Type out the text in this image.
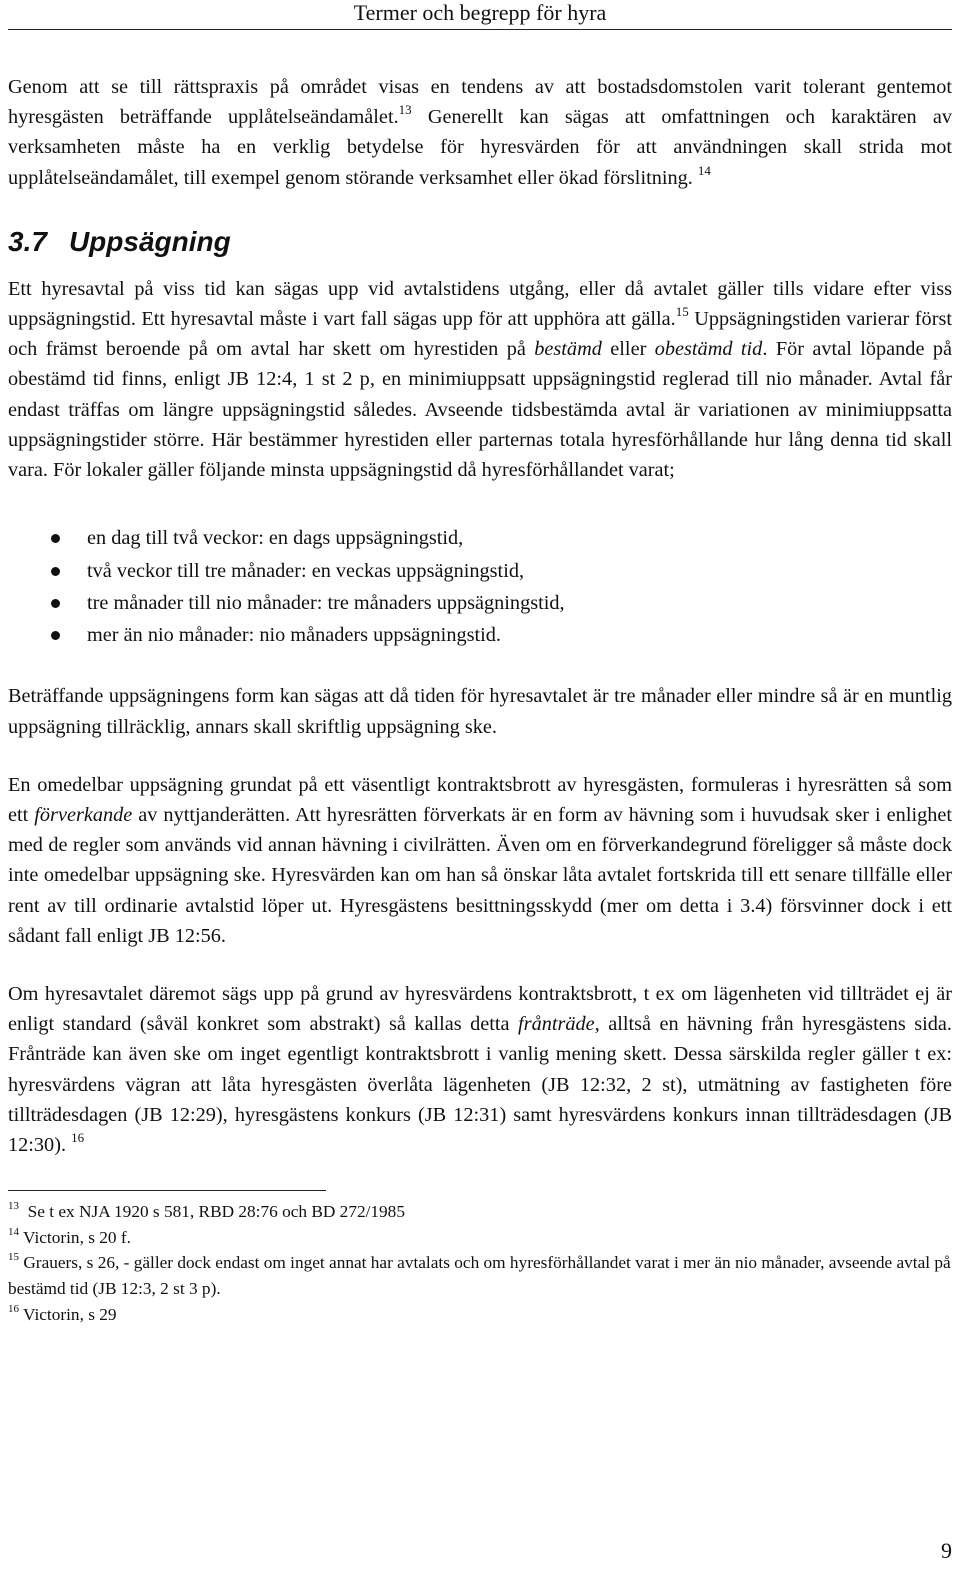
Termer och begrepp för hyra

Genom att se till rättspraxis på området visas en tendens av att bostadsdomstolen varit tolerant gentemot hyresgästen beträffande upplåtelseändamålet.$^{13}$ Generellt kan sägas att omfattningen och karaktären av verksamheten måste ha en verklig betydelse för hyresvärden för att användningen skall strida mot upplåtelseändamålet, till exempel genom störande verksamhet eller ökad förslitning. $^{14}$

3.7 Uppsägning

Ett hyresavtal på viss tid kan sägas upp vid avtalstidens utgång, eller då avtalet gäller tills vidare efter viss uppsägningstid. Ett hyresavtal måste i vart fall sägas upp för att upphöra att gälla.$^{15}$ Uppsägningstiden varierar först och främst beroende på om avtal har skett om hyrestiden på bestämd eller obestämd tid. För avtal löpande på obestämd tid finns, enligt JB 12:4, 1 st 2 p, en minimiuppsatt uppsägningstid reglerad till nio månader. Avtal får endast träffas om längre uppsägningstid således. Avseende tidsbestämda avtal är variationen av minimiuppsatta uppsägningstider större. Här bestämmer hyrestiden eller parternas totala hyresförhållande hur lång denna tid skall vara. För lokaler gäller följande minsta uppsägningstid då hyresförhållandet varat;

en dag till två veckor: en dags uppsägningstid,
två veckor till tre månader: en veckas uppsägningstid,
tre månader till nio månader: tre månaders uppsägningstid,
mer än nio månader: nio månaders uppsägningstid.

Beträffande uppsägningens form kan sägas att då tiden för hyresavtalet är tre månader eller mindre så är en muntlig uppsägning tillräcklig, annars skall skriftlig uppsägning ske.

En omedelbar uppsägning grundat på ett väsentligt kontraktsbrott av hyresgästen, formuleras i hyresrätten så som ett förverkande av nyttjanderätten. Att hyresrätten förverkats är en form av hävning som i huvudsak sker i enlighet med de regler som används vid annan hävning i civilrätten. Även om en förverkandegrund föreligger så måste dock inte omedelbar uppsägning ske. Hyresvärden kan om han så önskar låta avtalet fortskrida till ett senare tillfälle eller rent av till ordinarie avtalstid löper ut. Hyresgästens besittningsskydd (mer om detta i 3.4) försvinner dock i ett sådant fall enligt JB 12:56.

Om hyresavtalet däremot sägs upp på grund av hyresvärdens kontraktsbrott, t ex om lägenheten vid tillträdet ej är enligt standard (såväl konkret som abstrakt) så kallas detta frånträde, alltså en hävning från hyresgästens sida. Frånträde kan även ske om inget egentligt kontraktsbrott i vanlig mening skett. Dessa särskilda regler gäller t ex: hyresvärdens vägran att låta hyresgästen överlåta lägenheten (JB 12:32, 2 st), utmätning av fastigheten före tillträdesdagen (JB 12:29), hyresgästens konkurs (JB 12:31) samt hyresvärdens konkurs innan tillträdesdagen (JB 12:30). $^{16}$

$^{13}$ Se t ex NJA 1920 s 581, RBD 28:76 och BD 272/1985

$^{14}$ Victorin, s 20 f.

$^{15}$ Grauers, s 26, - gäller dock endast om inget annat har avtalats och om hyresförhållandet varat i mer än nio månader, avseende avtal på bestämd tid (JB 12:3, 2 st 3 p).

$^{16}$ Victorin, s 29

9
